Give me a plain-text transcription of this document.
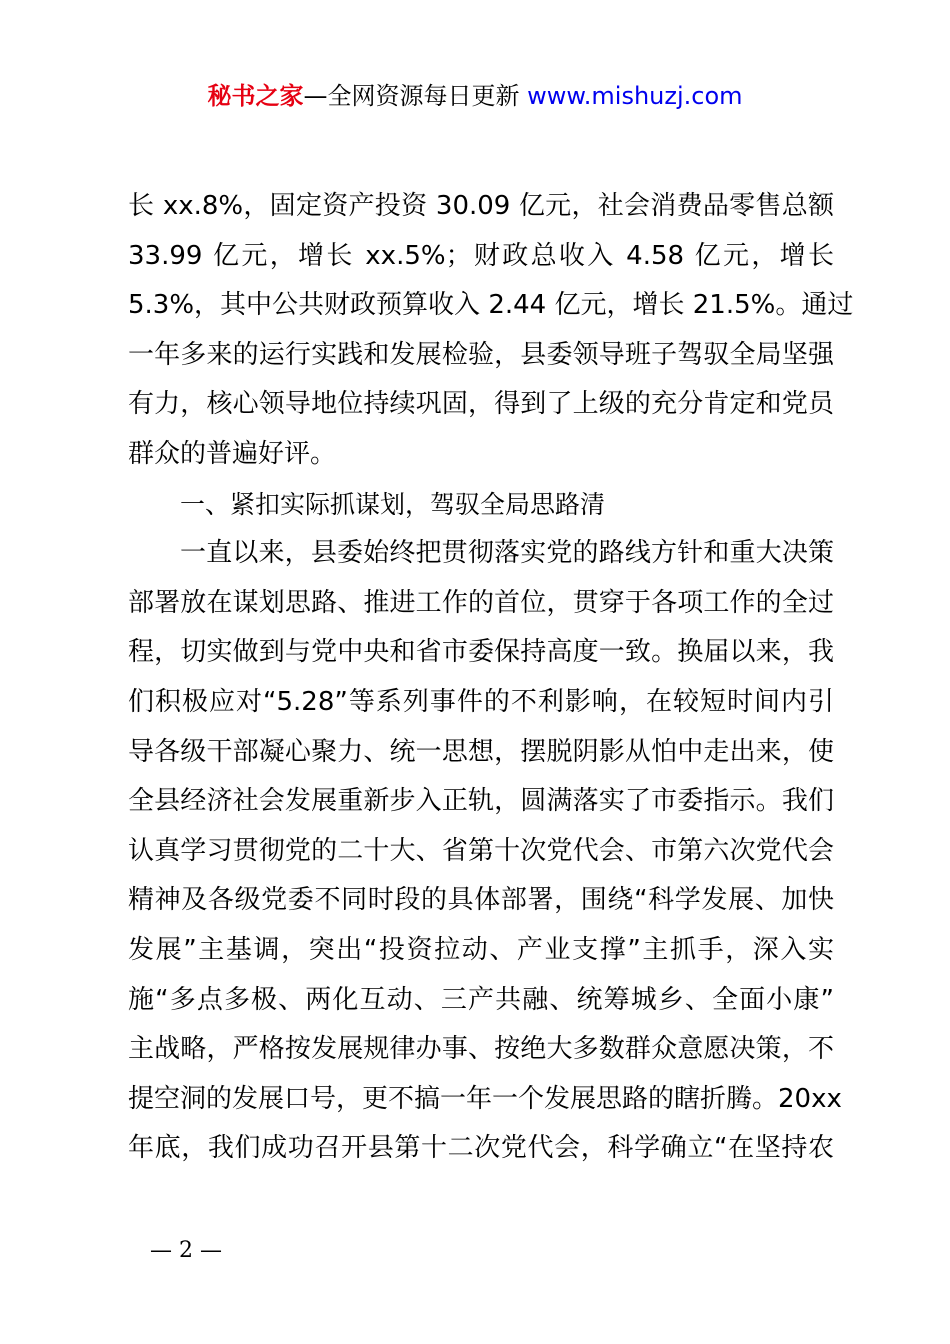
秘书之家—全网资源每日更新 www.mishuzj.com
长 xx.8%，固定资产投资 30.09 亿元，社会消费品零售总额
33.99 亿元，增长 xx.5%；财政总收入 4.58 亿元，增长
5.3%，其中公共财政预算收入 2.44 亿元，增长 21.5%。通过
一年多来的运行实践和发展检验，县委领导班子驾驭全局坚强
有力，核心领导地位持续巩固，得到了上级的充分肯定和党员
群众的普遍好评。
一、紧扣实际抓谋划，驾驭全局思路清
一直以来，县委始终把贯彻落实党的路线方针和重大决策
部署放在谋划思路、推进工作的首位，贯穿于各项工作的全过
程，切实做到与党中央和省市委保持高度一致。换届以来，我
们积极应对“5.28”等系列事件的不利影响，在较短时间内引
导各级干部凝心聚力、统一思想，摆脱阴影从怕中走出来，使
全县经济社会发展重新步入正轨，圆满落实了市委指示。我们
认真学习贯彻党的二十大、省第十次党代会、市第六次党代会
精神及各级党委不同时段的具体部署，围绕“科学发展、加快
发展”主基调，突出“投资拉动、产业支撑”主抓手，深入实
施“多点多极、两化互动、三产共融、统筹城乡、全面小康”
主战略，严格按发展规律办事、按绝大多数群众意愿决策，不
提空洞的发展口号，更不搞一年一个发展思路的瞎折腾。20xx
年底，我们成功召开县第十二次党代会，科学确立“在坚持农
— 2 —
